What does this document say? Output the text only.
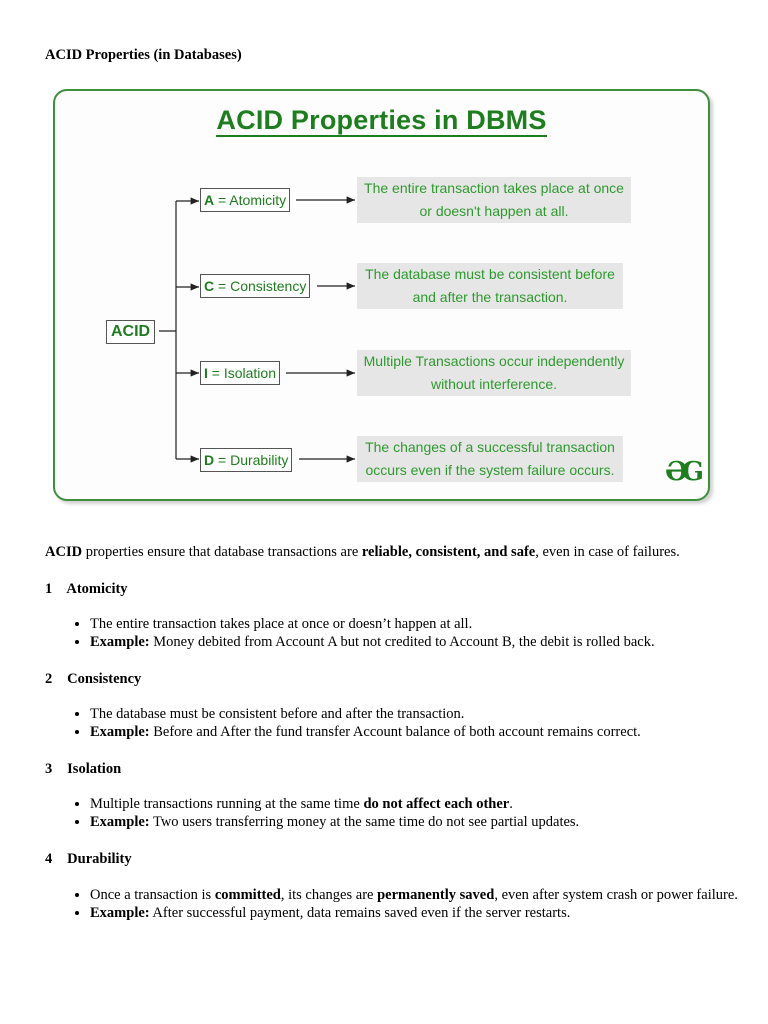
ACID Properties (in Databases)
ACID Properties in DBMS
ACID
A = Atomicity
C = Consistency
I = Isolation
D = Durability
The entire transaction takes place at once
or doesn't happen at all.
The database must be consistent before
and after the transaction.
Multiple Transactions occur independently
without interference.
The changes of a successful transaction
occurs even if the system failure occurs.	ƏG
ACID properties ensure that database transactions are reliable, consistent, and safe, even in case of failures.
1⃣ Atomicity
• The entire transaction takes place at once or doesn’t happen at all.
• Example: Money debited from Account A but not credited to Account B, the debit is rolled back.
2⃣ Consistency
• The database must be consistent before and after the transaction.
• Example: Before and After the fund transfer Account balance of both account remains correct.
3⃣ Isolation
• Multiple transactions running at the same time do not affect each other.
• Example: Two users transferring money at the same time do not see partial updates.
4⃣ Durability
• Once a transaction is committed, its changes are permanently saved, even after system crash or power failure.
• Example: After successful payment, data remains saved even if the server restarts.
